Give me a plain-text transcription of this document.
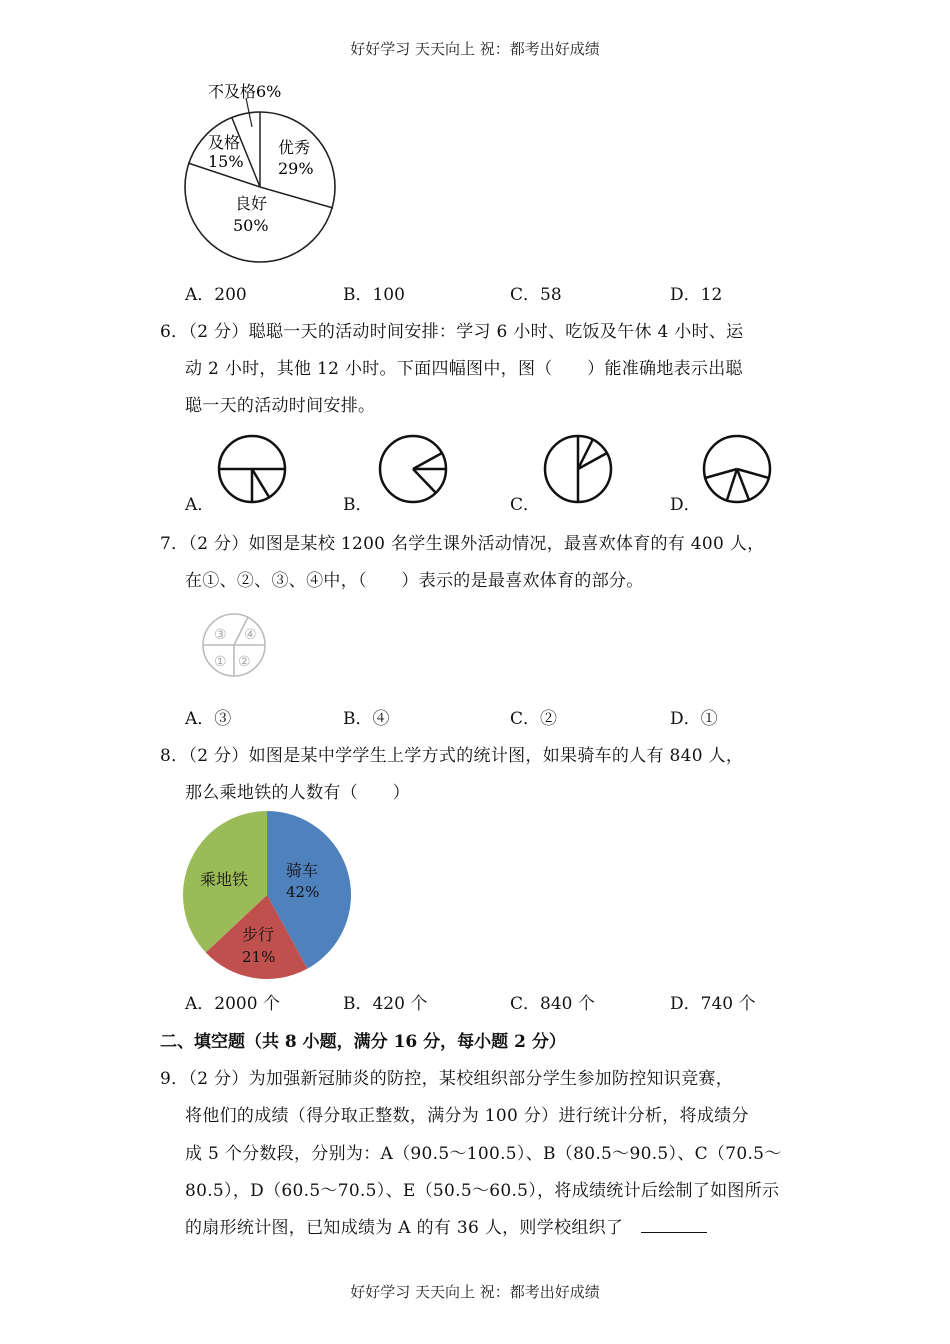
好好学习 天天向上 祝：都考出好成绩
不及格6%
及格
15%
优秀
29%
良好
50%
A．200	B．100	C．58	D．12
6．（2 分）聪聪一天的活动时间安排：学习 6 小时、吃饭及午休 4 小时、运
动 2 小时，其他 12 小时。下面四幅图中，图（　　）能准确地表示出聪
聪一天的活动时间安排。
A．	B．	C．	D．
7．（2 分）如图是某校 1200 名学生课外活动情况，最喜欢体育的有 400 人，
在①、②、③、④中，（　　）表示的是最喜欢体育的部分。
③ ④
① ②
A．③	B．④	C．②	D．①
8．（2 分）如图是某中学学生上学方式的统计图，如果骑车的人有 840 人，
那么乘地铁的人数有（　　）
骑车
42%
步行
21%
乘地铁
A．2000 个	B．420 个	C．840 个	D．740 个
二、填空题（共 8 小题，满分 16 分，每小题 2 分）
9．（2 分）为加强新冠肺炎的防控，某校组织部分学生参加防控知识竞赛，
将他们的成绩（得分取正整数，满分为 100 分）进行统计分析，将成绩分
成 5 个分数段，分别为：A（90.5～100.5）、B（80.5～90.5）、C（70.5～
80.5），D（60.5～70.5）、E（50.5～60.5），将成绩统计后绘制了如图所示
的扇形统计图，已知成绩为 A 的有 36 人，则学校组织了
好好学习 天天向上 祝：都考出好成绩
